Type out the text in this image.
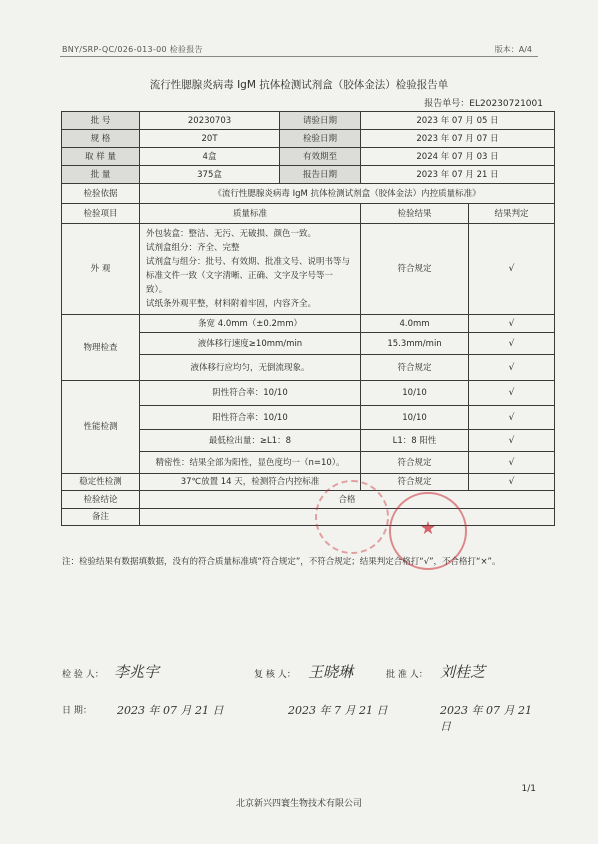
BNY/SRP-QC/026-013-00 检验报告	版本：A/4
流行性腮腺炎病毒 IgM 抗体检测试剂盒（胶体金法）检验报告单
报告单号：EL20230721001
批 号	20230703	请验日期	2023 年 07 月 05 日	
规 格	20T	检验日期	2023 年 07 月 07 日	
取 样 量	4盒	有效期至	2024 年 07 月 03 日	
批 量	375盒	报告日期	2023 年 07 月 21 日	
检验依据	《流行性腮腺炎病毒 IgM 抗体检测试剂盒（胶体金法）内控质量标准》			
检验项目	质量标准		检验结果	结果判定
外 观	外包装盒：整洁、无污、无破损、颜色一致。
试剂盒组分：齐全、完整
试剂盒与组分：批号、有效期、批准文号、说明书等与
标准文件一致（文字清晰、正确、文字及字号等一致）。
试纸条外观平整，材料附着牢固，内容齐全。		符合规定	√
物理检查	条宽 4.0mm（±0.2mm）		4.0mm	√
	液体移行速度≥10mm/min		15.3mm/min	√
	液体移行应均匀，无倒流现象。		符合规定	√
性能检测	阴性符合率：10/10		10/10	√
	阳性符合率：10/10		10/10	√
	最低检出量：≥L1：8		L1：8 阳性	√
	精密性：结果全部为阳性，显色度均一（n=10）。		符合规定	√
稳定性检测	37℃放置 14 天，检测符合内控标准		符合规定	√
检验结论	合格			
备注				
★
注：检验结果有数据填数据，没有的符合质量标准填“符合规定”，不符合规定；结果判定合格打“√”，不合格打“×”。
检 验 人： 李兆宇	复 核 人： 王晓琳	批 准 人： 刘桂芝
日 期： 2023 年 07 月 21 日	2023 年 7 月 21 日	2023 年 07 月 21 日
1/1
北京新兴四寰生物技术有限公司
